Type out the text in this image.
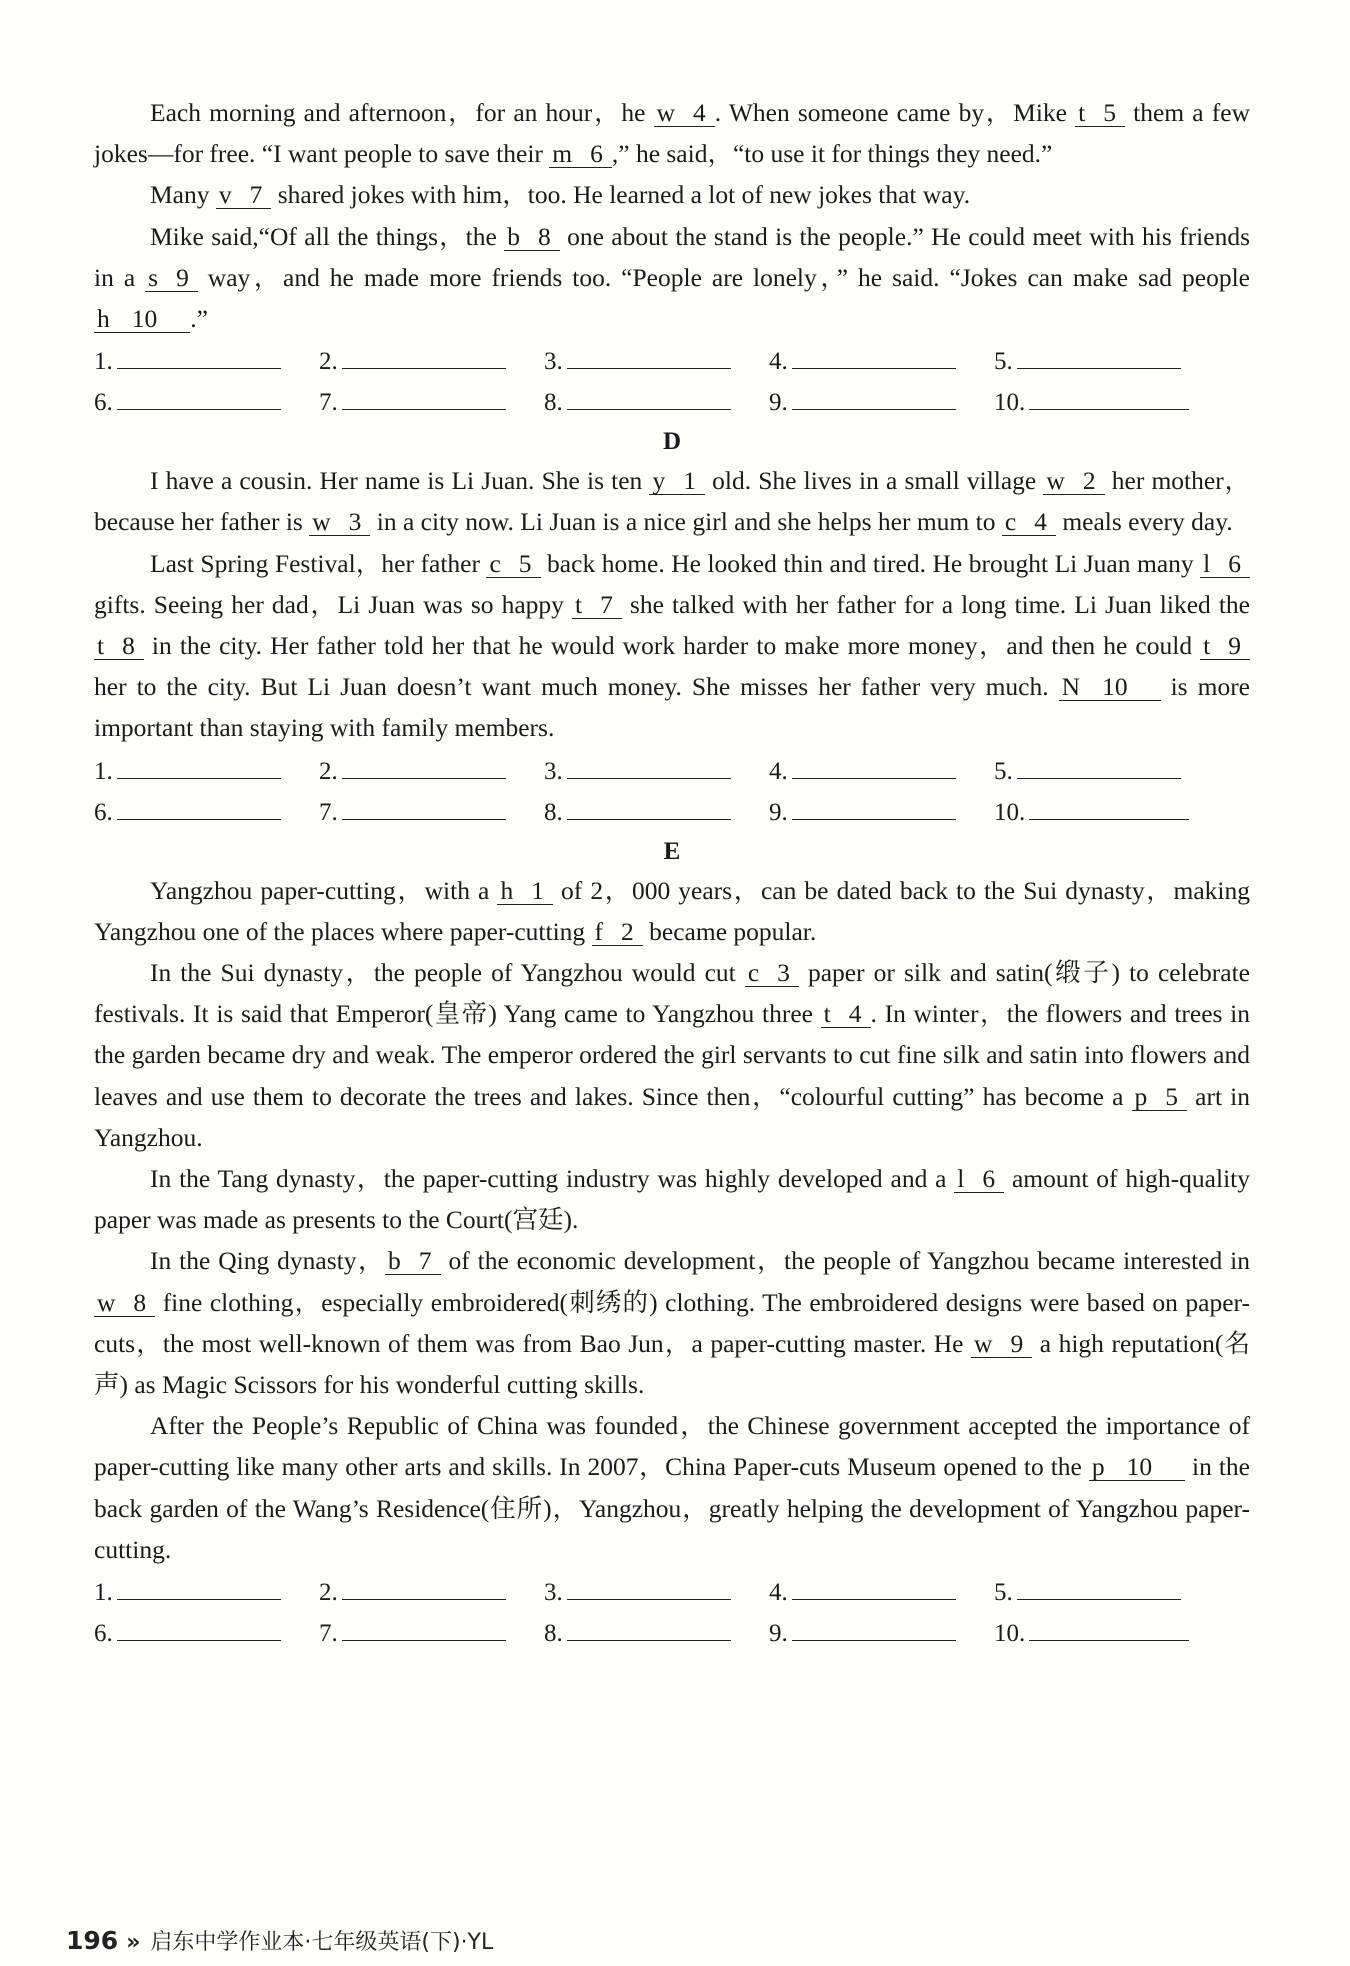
Each morning and afternoon，for an hour，he w 4 . When someone came by，Mike t 5 them a few jokes—for free. “I want people to save their m 6 ,” he said，“to use it for things they need.”

Many v 7 shared jokes with him，too. He learned a lot of new jokes that way.

Mike said,“Of all the things，the b 8 one about the stand is the people.” He could meet with his friends in a s 9 way，and he made more friends too. “People are lonely，” he said. “Jokes can make sad people h 10 .”

1.	2.	3.	4.	5.
6.	7.	8.	9.	10.

D

I have a cousin. Her name is Li Juan. She is ten y 1 old. She lives in a small village w 2 her mother，because her father is w 3 in a city now. Li Juan is a nice girl and she helps her mum to c 4 meals every day.

Last Spring Festival，her father c 5 back home. He looked thin and tired. He brought Li Juan many l 6 gifts. Seeing her dad，Li Juan was so happy t 7 she talked with her father for a long time. Li Juan liked the t 8 in the city. Her father told her that he would work harder to make more money，and then he could t 9 her to the city. But Li Juan doesn’t want much money. She misses her father very much. N 10 is more important than staying with family members.

1.	2.	3.	4.	5.
6.	7.	8.	9.	10.

E

Yangzhou paper-cutting，with a h 1 of 2，000 years，can be dated back to the Sui dynasty，making Yangzhou one of the places where paper-cutting f 2 became popular.

In the Sui dynasty，the people of Yangzhou would cut c 3 paper or silk and satin(缎子) to celebrate festivals. It is said that Emperor(皇帝) Yang came to Yangzhou three t 4 . In winter，the flowers and trees in the garden became dry and weak. The emperor ordered the girl servants to cut fine silk and satin into flowers and leaves and use them to decorate the trees and lakes. Since then，“colourful cutting” has become a p 5 art in Yangzhou.

In the Tang dynasty，the paper-cutting industry was highly developed and a l 6 amount of high-quality paper was made as presents to the Court(宫廷).

In the Qing dynasty， b 7 of the economic development，the people of Yangzhou became interested in w 8 fine clothing，especially embroidered(刺绣的) clothing. The embroidered designs were based on paper-cuts，the most well-known of them was from Bao Jun，a paper-cutting master. He w 9 a high reputation(名声) as Magic Scissors for his wonderful cutting skills.

After the People’s Republic of China was founded，the Chinese government accepted the importance of paper-cutting like many other arts and skills. In 2007，China Paper-cuts Museum opened to the p 10 in the back garden of the Wang’s Residence(住所)，Yangzhou，greatly helping the development of Yangzhou paper-cutting.

1.	2.	3.	4.	5.
6.	7.	8.	9.	10.
196 » 启东中学作业本·七年级英语(下)·YL
